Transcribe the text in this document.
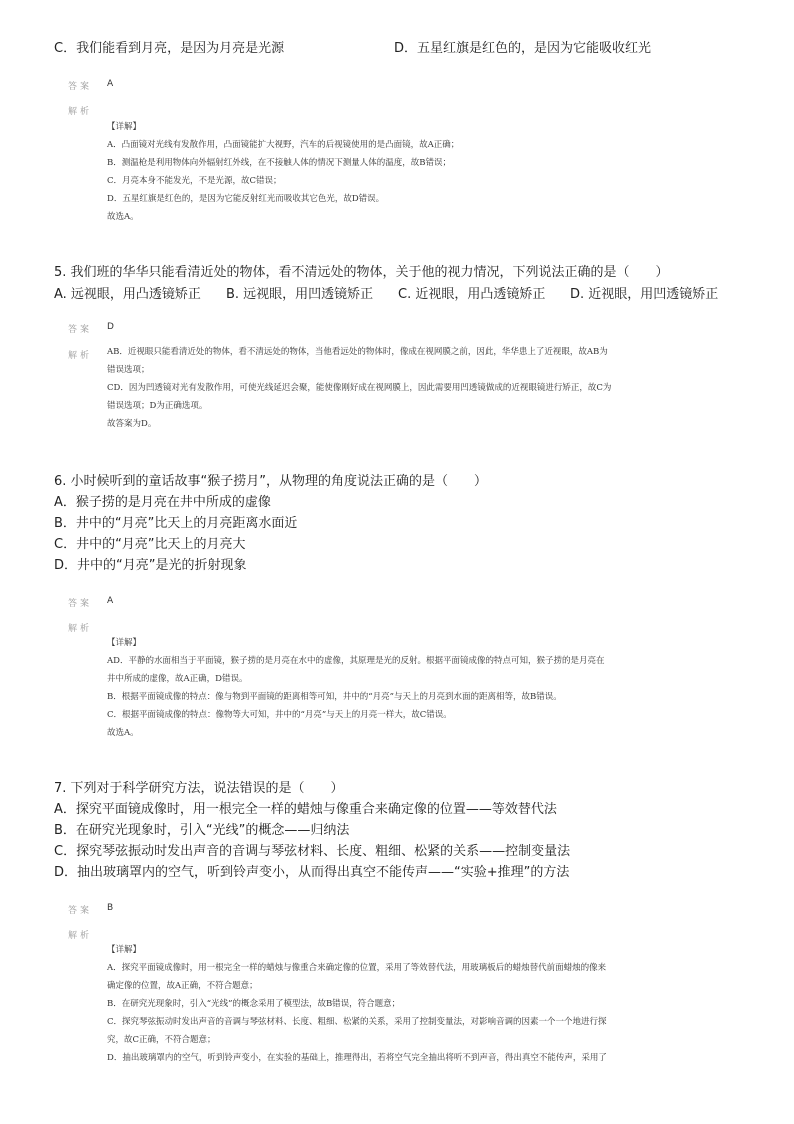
C．我们能看到月亮，是因为月亮是光源	D．五星红旗是红色的，是因为它能吸收红光
答案 A
解析

【详解】

A．凸面镜对光线有发散作用，凸面镜能扩大视野，汽车的后视镜使用的是凸面镜，故A正确；

B．测温枪是利用物体向外辐射红外线，在不接触人体的情况下测量人体的温度，故B错误；

C．月亮本身不能发光，不是光源，故C错误；

D．五星红旗是红色的，是因为它能反射红光而吸收其它色光，故D错误。

故选A。

5. 我们班的华华只能看清近处的物体，看不清远处的物体，关于他的视力情况，下列说法正确的是（　　）

A. 远视眼，用凸透镜矫正 B. 远视眼，用凹透镜矫正 C. 近视眼，用凸透镜矫正 D. 近视眼，用凹透镜矫正
答案 D
解析 AB．近视眼只能看清近处的物体，看不清远处的物体，当他看远处的物体时，像成在视网膜之前，因此，华华患上了近视眼，故AB为

错误选项；

CD．因为凹透镜对光有发散作用，可使光线延迟会聚，能使像刚好成在视网膜上，因此需要用凹透镜做成的近视眼镜进行矫正，故C为

错误选项；D为正确选项。

故答案为D。

6. 小时候听到的童话故事“猴子捞月”，从物理的角度说法正确的是（　　）

A．猴子捞的是月亮在井中所成的虚像

B．井中的“月亮”比天上的月亮距离水面近

C．井中的“月亮”比天上的月亮大

D．井中的“月亮”是光的折射现象

答案 A
解析

【详解】

AD．平静的水面相当于平面镜，猴子捞的是月亮在水中的虚像，其原理是光的反射。根据平面镜成像的特点可知，猴子捞的是月亮在

井中所成的虚像，故A正确，D错误。

B．根据平面镜成像的特点：像与物到平面镜的距离相等可知，井中的“月亮”与天上的月亮到水面的距离相等，故B错误。

C．根据平面镜成像的特点：像物等大可知，井中的“月亮”与天上的月亮一样大，故C错误。

故选A。

7. 下列对于科学研究方法，说法错误的是（　　）

A．探究平面镜成像时，用一根完全一样的蜡烛与像重合来确定像的位置——等效替代法

B．在研究光现象时，引入“光线”的概念——归纳法

C．探究琴弦振动时发出声音的音调与琴弦材料、长度、粗细、松紧的关系——控制变量法

D．抽出玻璃罩内的空气，听到铃声变小，从而得出真空不能传声——“实验+推理”的方法

答案 B
解析

【详解】

A．探究平面镜成像时，用一根完全一样的蜡烛与像重合来确定像的位置，采用了等效替代法，用玻璃板后的蜡烛替代前面蜡烛的像来

确定像的位置，故A正确，不符合题意；

B．在研究光现象时，引入“光线”的概念采用了模型法，故B错误，符合题意；

C．探究琴弦振动时发出声音的音调与琴弦材料、长度、粗细、松紧的关系，采用了控制变量法，对影响音调的因素一个一个地进行探

究，故C正确，不符合题意；

D．抽出玻璃罩内的空气，听到铃声变小，在实验的基础上，推理得出，若将空气完全抽出将听不到声音，得出真空不能传声，采用了
